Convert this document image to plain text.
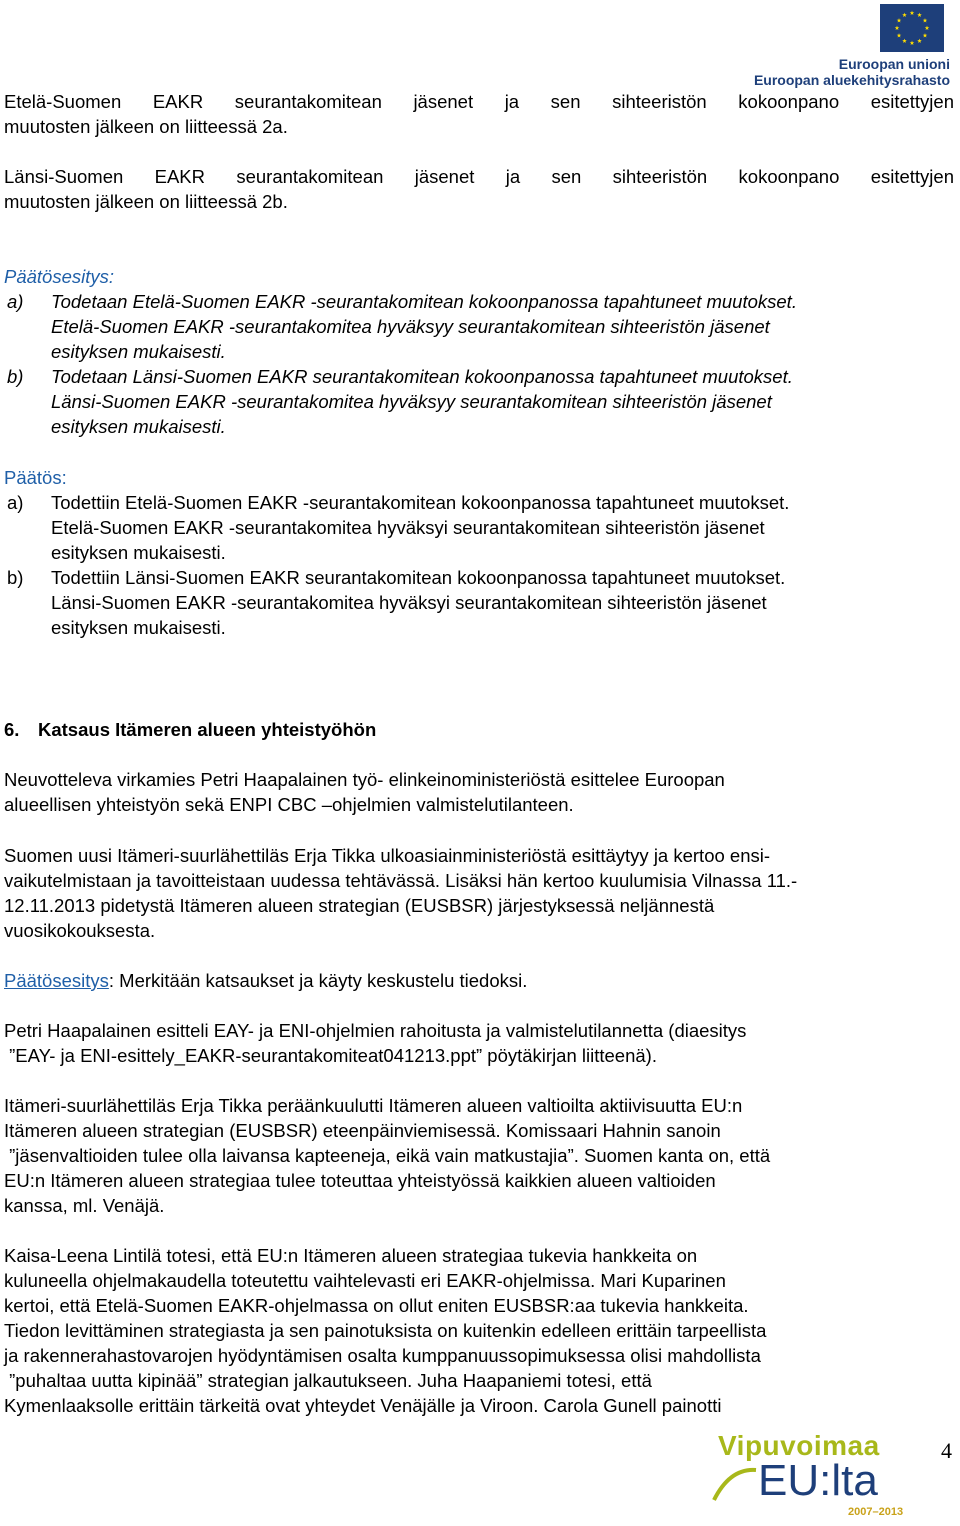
Euroopan unioni
Euroopan aluekehitysrahasto
Etelä-Suomen EAKR seurantakomitean jäsenet ja sen sihteeristön kokoonpano esitettyjen
muutosten jälkeen on liitteessä 2a.
Länsi-Suomen EAKR seurantakomitean jäsenet ja sen sihteeristön kokoonpano esitettyjen
muutosten jälkeen on liitteessä 2b.
Päätösesitys:
a) Todetaan Etelä-Suomen EAKR -seurantakomitean kokoonpanossa tapahtuneet muutokset.
Etelä-Suomen EAKR -seurantakomitea hyväksyy seurantakomitean sihteeristön jäsenet
esityksen mukaisesti.
b) Todetaan Länsi-Suomen EAKR seurantakomitean kokoonpanossa tapahtuneet muutokset.
Länsi-Suomen EAKR -seurantakomitea hyväksyy seurantakomitean sihteeristön jäsenet
esityksen mukaisesti.
Päätös:
a) Todettiin Etelä-Suomen EAKR -seurantakomitean kokoonpanossa tapahtuneet muutokset.
Etelä-Suomen EAKR -seurantakomitea hyväksyi seurantakomitean sihteeristön jäsenet
esityksen mukaisesti.
b) Todettiin Länsi-Suomen EAKR seurantakomitean kokoonpanossa tapahtuneet muutokset.
Länsi-Suomen EAKR -seurantakomitea hyväksyi seurantakomitean sihteeristön jäsenet
esityksen mukaisesti.
6. Katsaus Itämeren alueen yhteistyöhön
Neuvotteleva virkamies Petri Haapalainen työ- elinkeinoministeriöstä esittelee Euroopan
alueellisen yhteistyön sekä ENPI CBC –ohjelmien valmistelutilanteen.
Suomen uusi Itämeri-suurlähettiläs Erja Tikka ulkoasiainministeriöstä esittäytyy ja kertoo ensi-
vaikutelmistaan ja tavoitteistaan uudessa tehtävässä. Lisäksi hän kertoo kuulumisia Vilnassa 11.-
12.11.2013 pidetystä Itämeren alueen strategian (EUSBSR) järjestyksessä neljännestä
vuosikokouksesta.
Päätösesitys: Merkitään katsaukset ja käyty keskustelu tiedoksi.
Petri Haapalainen esitteli EAY- ja ENI-ohjelmien rahoitusta ja valmistelutilannetta (diaesitys
”EAY- ja ENI-esittely_EAKR-seurantakomiteat041213.ppt” pöytäkirjan liitteenä).
Itämeri-suurlähettiläs Erja Tikka peräänkuulutti Itämeren alueen valtioilta aktiivisuutta EU:n
Itämeren alueen strategian (EUSBSR) eteenpäinviemisessä. Komissaari Hahnin sanoin
”jäsenvaltioiden tulee olla laivansa kapteeneja, eikä vain matkustajia”. Suomen kanta on, että
EU:n Itämeren alueen strategiaa tulee toteuttaa yhteistyössä kaikkien alueen valtioiden
kanssa, ml. Venäjä.
Kaisa-Leena Lintilä totesi, että EU:n Itämeren alueen strategiaa tukevia hankkeita on
kuluneella ohjelmakaudella toteutettu vaihtelevasti eri EAKR-ohjelmissa. Mari Kuparinen
kertoi, että Etelä-Suomen EAKR-ohjelmassa on ollut eniten EUSBSR:aa tukevia hankkeita.
Tiedon levittäminen strategiasta ja sen painotuksista on kuitenkin edelleen erittäin tarpeellista
ja rakennerahastovarojen hyödyntämisen osalta kumppanuussopimuksessa olisi mahdollista
”puhaltaa uutta kipinää” strategian jalkautukseen. Juha Haapaniemi totesi, että
Kymenlaaksolle erittäin tärkeitä ovat yhteydet Venäjälle ja Viroon. Carola Gunell painotti
Vipuvoimaa
EU:lta
2007–2013
4
